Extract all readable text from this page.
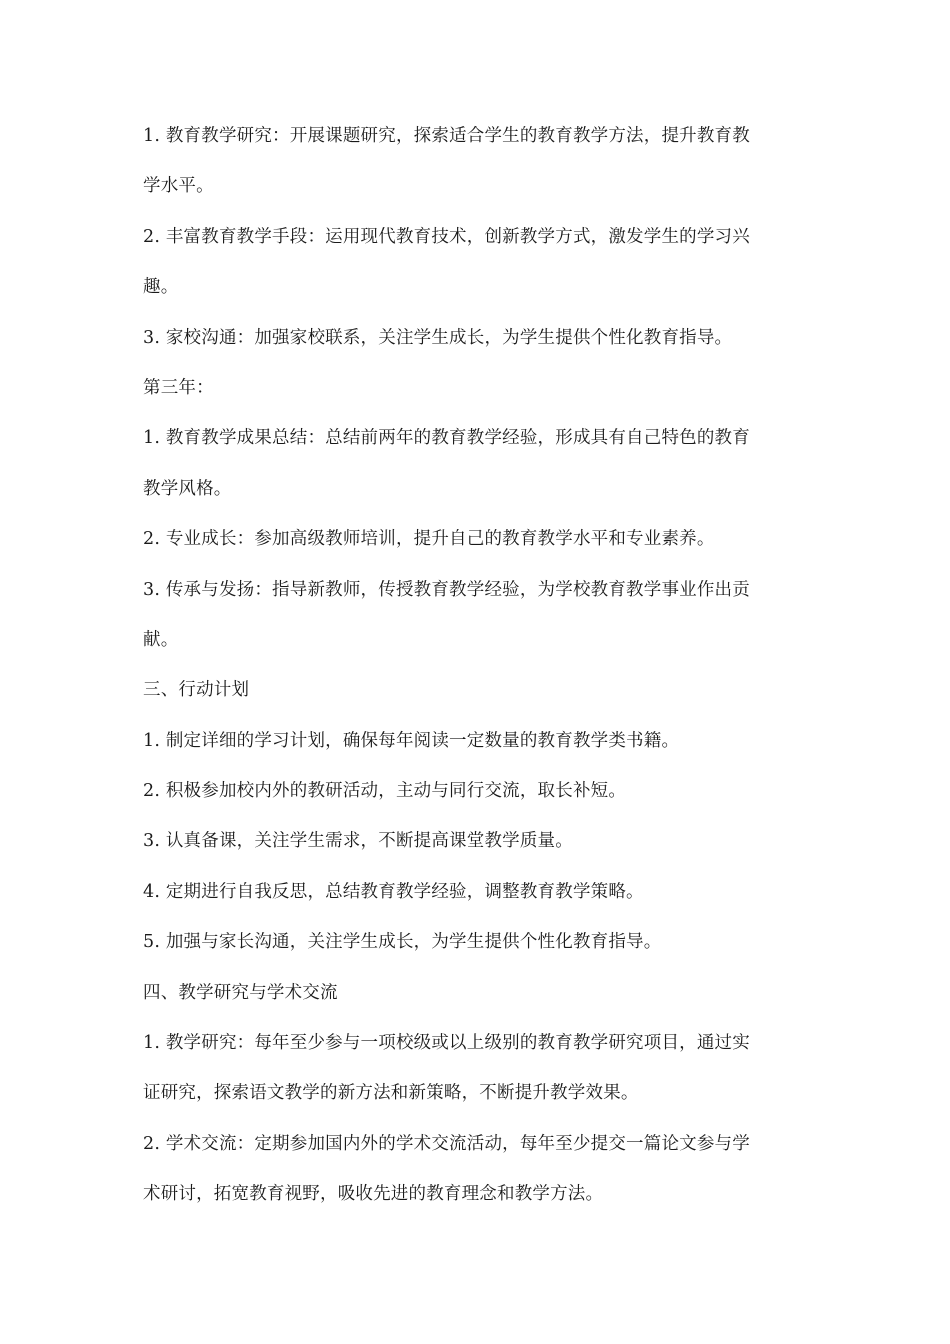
1. 教育教学研究：开展课题研究，探索适合学生的教育教学方法，提升教育教
学水平。
2. 丰富教育教学手段：运用现代教育技术，创新教学方式，激发学生的学习兴
趣。
3. 家校沟通：加强家校联系，关注学生成长，为学生提供个性化教育指导。
第三年：
1. 教育教学成果总结：总结前两年的教育教学经验，形成具有自己特色的教育
教学风格。
2. 专业成长：参加高级教师培训，提升自己的教育教学水平和专业素养。
3. 传承与发扬：指导新教师，传授教育教学经验，为学校教育教学事业作出贡
献。
三、行动计划
1. 制定详细的学习计划，确保每年阅读一定数量的教育教学类书籍。
2. 积极参加校内外的教研活动，主动与同行交流，取长补短。
3. 认真备课，关注学生需求，不断提高课堂教学质量。
4. 定期进行自我反思，总结教育教学经验，调整教育教学策略。
5. 加强与家长沟通，关注学生成长，为学生提供个性化教育指导。
四、教学研究与学术交流
1. 教学研究：每年至少参与一项校级或以上级别的教育教学研究项目，通过实
证研究，探索语文教学的新方法和新策略，不断提升教学效果。
2. 学术交流：定期参加国内外的学术交流活动，每年至少提交一篇论文参与学
术研讨，拓宽教育视野，吸收先进的教育理念和教学方法。
